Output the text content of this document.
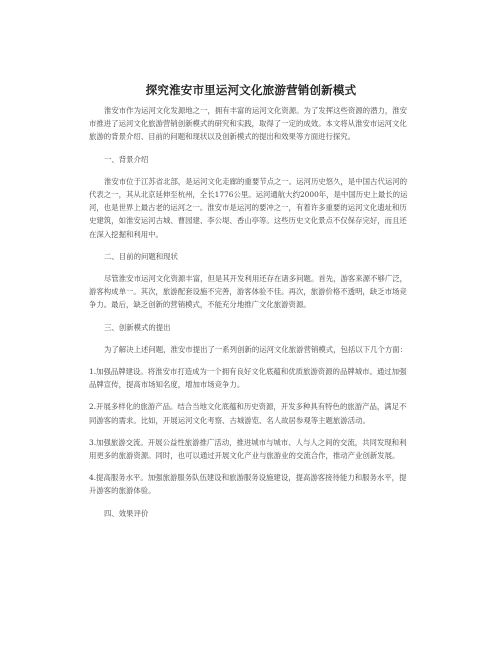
探究淮安市里运河文化旅游营销创新模式

淮安市作为运河文化发源地之一，拥有丰富的运河文化资源。为了发挥这些资源的潜力，淮安市推进了运河文化旅游营销创新模式的研究和实践，取得了一定的成效。本文将从淮安市运河文化旅游的背景介绍、目前的问题和现状以及创新模式的提出和效果等方面进行探究。

一、背景介绍

淮安市位于江苏省北部，是运河文化走廊的重要节点之一。运河历史悠久，是中国古代运河的代表之一，其从北京延伸至杭州，全长1776公里。运河通航大约2000年，是中国历史上最长的运河，也是世界上最古老的运河之一。淮安市是运河的要冲之一，有着许多重要的运河文化遗址和历史建筑，如淮安运河古城、曹园建、李公堤、香山亭等。这些历史文化景点不仅保存完好，而且还在深入挖掘和利用中。

二、目前的问题和现状

尽管淮安市运河文化资源丰富，但是其开发利用还存在诸多问题。首先，游客来源不够广泛，游客构成单一。其次，旅游配套设施不完善，游客体验不佳。再次，旅游价格不透明，缺乏市场竞争力。最后，缺乏创新的营销模式，不能充分地推广文化旅游资源。

三、创新模式的提出

为了解决上述问题，淮安市提出了一系列创新的运河文化旅游营销模式，包括以下几个方面：

1.加强品牌建设。将淮安市打造成为一个拥有良好文化底蕴和优质旅游资源的品牌城市。通过加强品牌宣传，提高市场知名度，增加市场竞争力。

2.开展多样化的旅游产品。结合当地文化底蕴和历史资源，开发多种具有特色的旅游产品，满足不同游客的需求。比如，开展运河文化考察、古城游览、名人故居参观等主题旅游活动。

3.加强旅游交流。开展公益性旅游推广活动，推进城市与城市、人与人之间的交流，共同发现和利用更多的旅游资源。同时，也可以通过开展文化产业与旅游业的交流合作，推动产业创新发展。

4.提高服务水平。加强旅游服务队伍建设和旅游服务设施建设，提高游客接待能力和服务水平，提升游客的旅游体验。

四、效果评价
